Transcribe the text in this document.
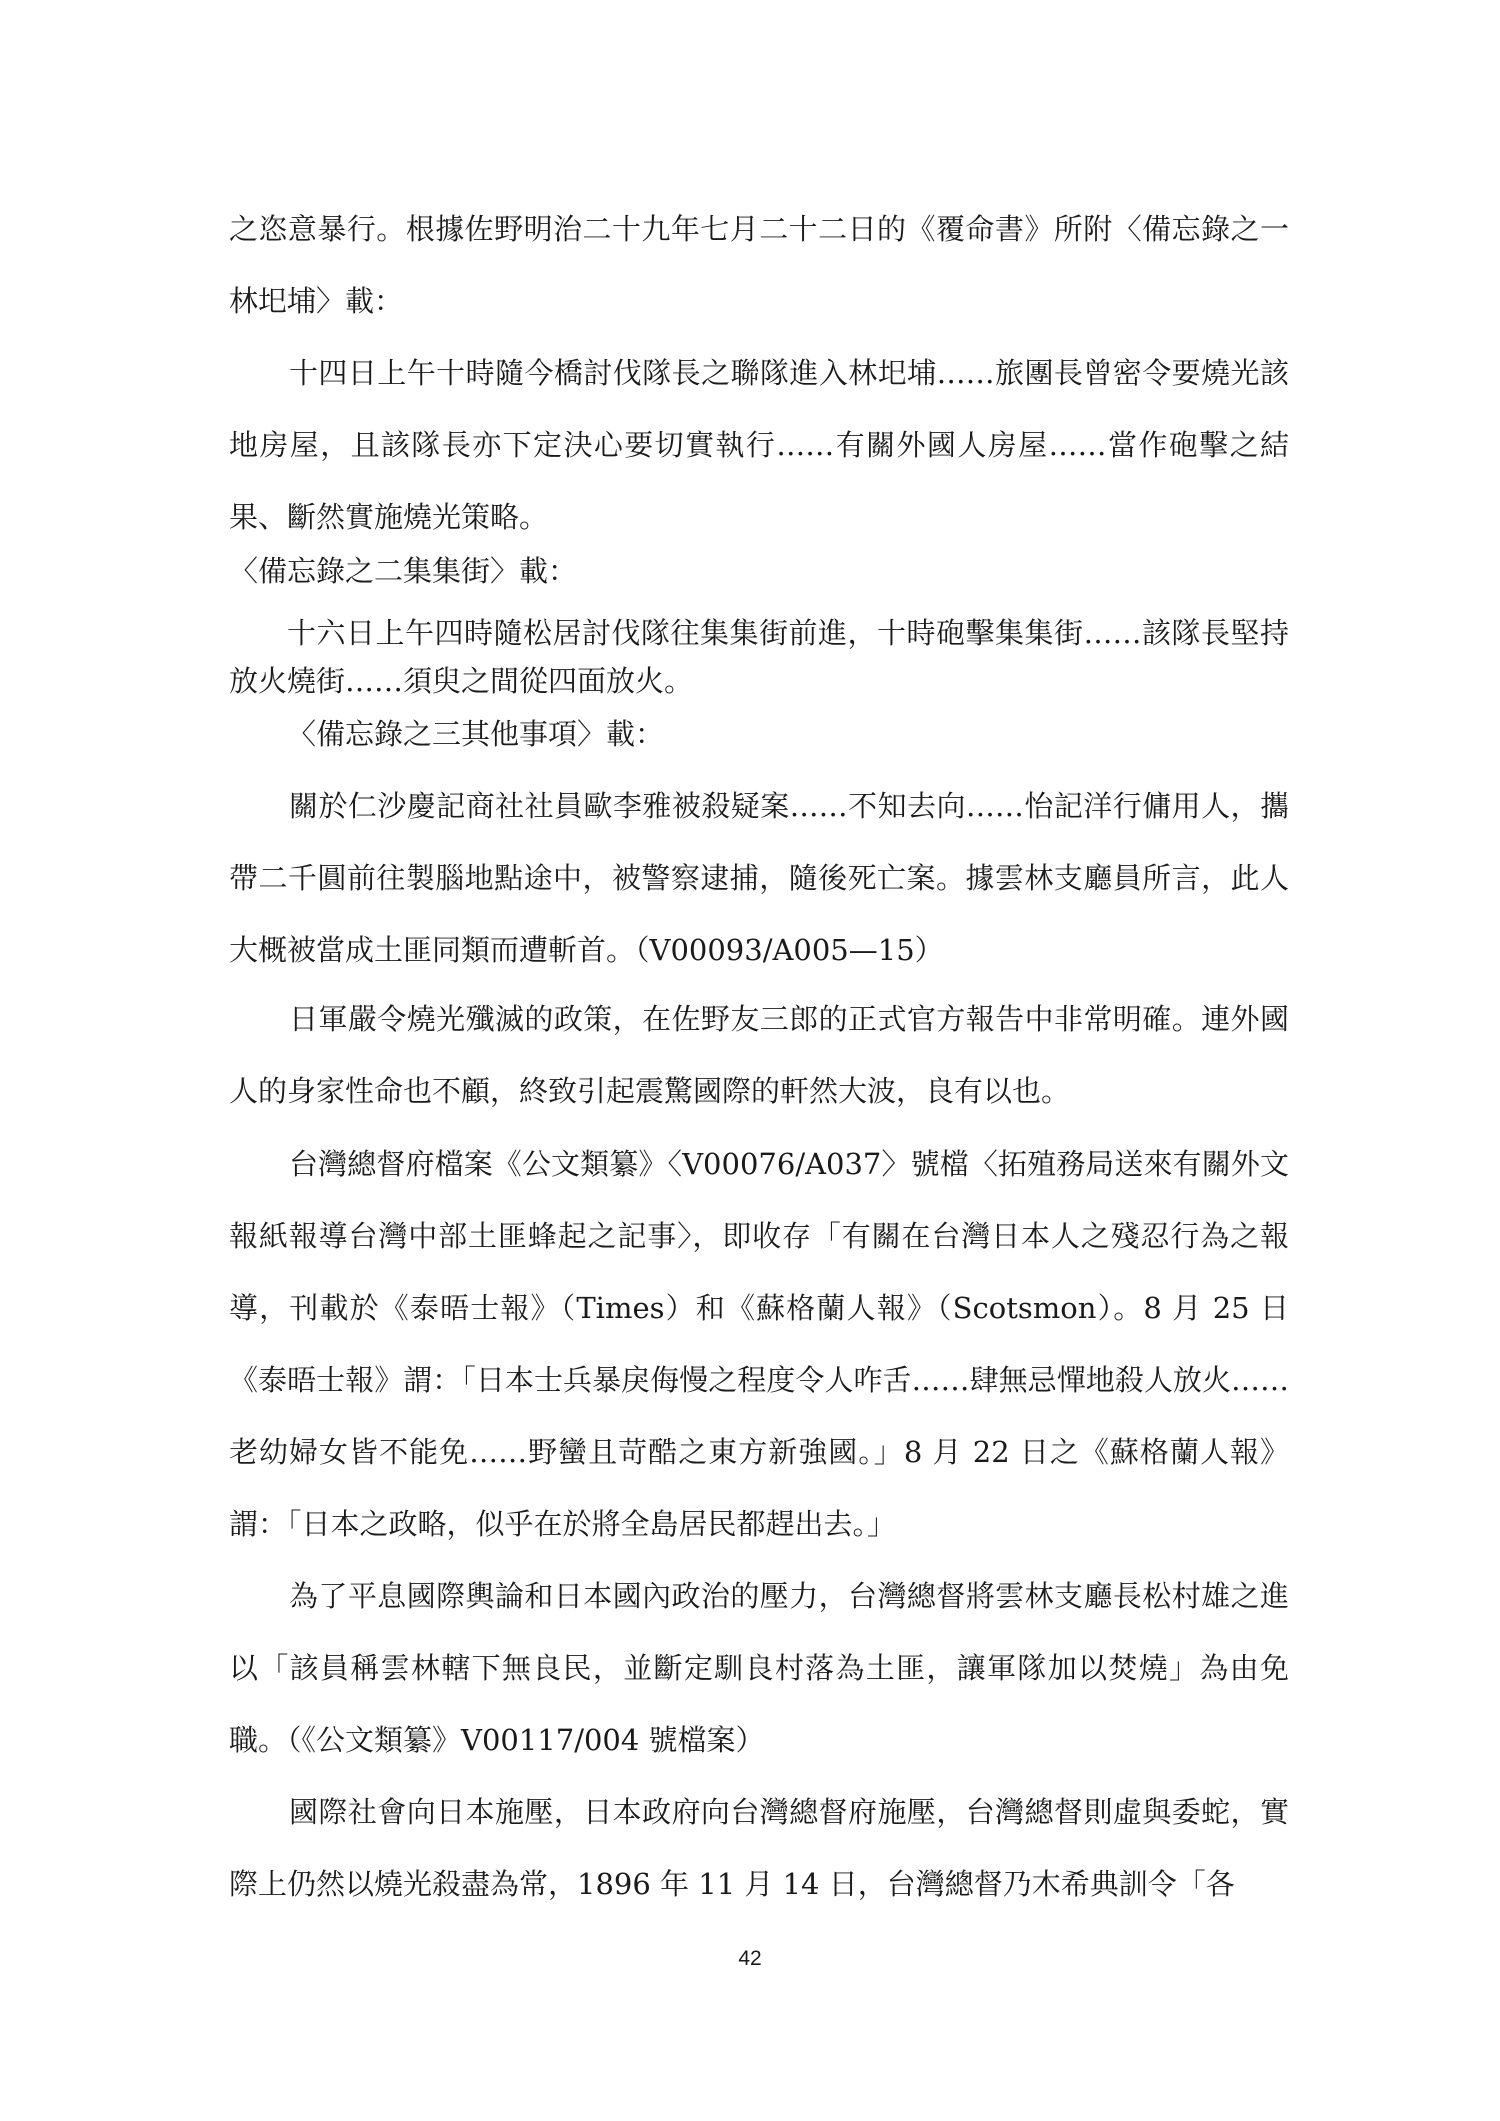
之恣意暴行。根據佐野明治二十九年七月二十二日的《覆命書》所附〈備忘錄之一林圯埔〉載：

十四日上午十時隨今橋討伐隊長之聯隊進入林圯埔……旅團長曾密令要燒光該地房屋，且該隊長亦下定決心要切實執行……有關外國人房屋……當作砲擊之結果、斷然實施燒光策略。

〈備忘錄之二集集街〉載：

十六日上午四時隨松居討伐隊往集集街前進，十時砲擊集集街……該隊長堅持放火燒街……須臾之間從四面放火。

〈備忘錄之三其他事項〉載：

關於仁沙慶記商社社員歐李雅被殺疑案……不知去向……怡記洋行傭用人，攜帶二千圓前往製腦地點途中，被警察逮捕，隨後死亡案。據雲林支廳員所言，此人大概被當成土匪同類而遭斬首。（V00093/A005—15）

日軍嚴令燒光殲滅的政策，在佐野友三郎的正式官方報告中非常明確。連外國人的身家性命也不顧，終致引起震驚國際的軒然大波，良有以也。

台灣總督府檔案《公文類纂》〈V00076/A037〉號檔〈拓殖務局送來有關外文報紙報導台灣中部土匪蜂起之記事〉，即收存「有關在台灣日本人之殘忍行為之報導，刊載於《泰晤士報》（Times）和《蘇格蘭人報》（Scotsmon）。8 月 25 日《泰晤士報》謂：「日本士兵暴戾侮慢之程度令人咋舌……肆無忌憚地殺人放火……老幼婦女皆不能免……野蠻且苛酷之東方新強國。」8 月 22 日之《蘇格蘭人報》謂：「日本之政略，似乎在於將全島居民都趕出去。」

為了平息國際輿論和日本國內政治的壓力，台灣總督將雲林支廳長松村雄之進以「該員稱雲林轄下無良民，並斷定馴良村落為土匪，讓軍隊加以焚燒」為由免職。（《公文類纂》V00117/004 號檔案）

國際社會向日本施壓，日本政府向台灣總督府施壓，台灣總督則虛與委蛇，實際上仍然以燒光殺盡為常，1896 年 11 月 14 日，台灣總督乃木希典訓令「各

42
